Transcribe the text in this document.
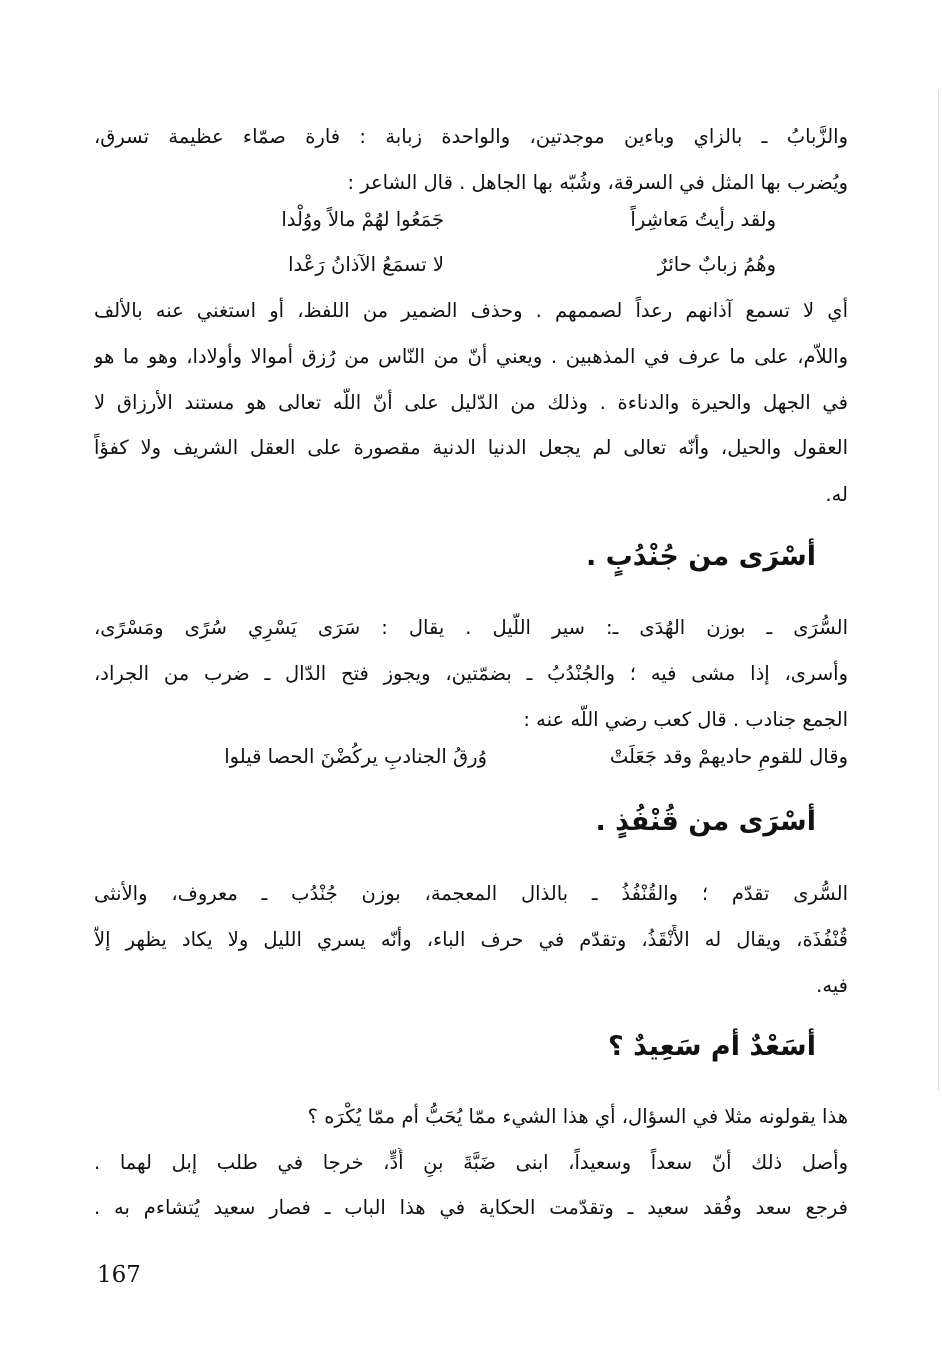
والزَّبابُ ـ بالزاي وباءين موجدتين، والواحدة زبابة : فارة صمّاء عظيمة تسرق،
ويُضرب بها المثل في السرقة، وشُبّه بها الجاهل . قال الشاعر :
ولقد رأيتُ مَعاشِراً
جَمَعُوا لهُمْ مالاً ووُلْدا
وهُمُ زبابٌ حائرٌ
لا تسمَعُ الآذانُ رَعْدا
أي لا تسمع آذانهم رعداً لصممهم . وحذف الضمير من اللفظ، أو استغني عنه بالألف
واللاّم، على ما عرف في المذهبين . ويعني أنّ من النّاس من رُزق أموالا وأولادا، وهو ما هو
في الجهل والحيرة والدناءة . وذلك من الدّليل على أنّ اللّه تعالى هو مستند الأرزاق لا
العقول والحيل، وأنّه تعالى لم يجعل الدنيا الدنية مقصورة على العقل الشريف ولا كفؤاً
له.
أسْرَى من جُنْدُبٍ .
السُّرَى ـ بوزن الهُدَى ـ: سير اللّيل . يقال : سَرَى يَسْرِي سُرًى ومَسْرًى،
وأسرى، إذا مشى فيه ؛ والجُنْدُبُ ـ بضمّتين، ويجوز فتح الدّال ـ ضرب من الجراد،
الجمع جنادب . قال كعب رضي اللّه عنه :
وقال للقومِ حاديهمْ وقد جَعَلَتْ
وُرقُ الجنادبِ يركُضْنَ الحصا قيلوا
أسْرَى من قُنْفُذٍ .
السُّرى تقدّم ؛ والقُنْفُذُ ـ بالذال المعجمة، بوزن جُنْدُب ـ معروف، والأنثى
قُنْفُذَة، ويقال له الأَنْقَذُ، وتقدّم في حرف الباء، وأنّه يسري الليل ولا يكاد يظهر إلاّ
فيه.
أسَعْدٌ أم سَعِيدٌ ؟
هذا يقولونه مثلا في السؤال، أي هذا الشيء ممّا يُحَبُّ أم ممّا يُكْرَه ؟
وأصل ذلك أنّ سعداً وسعيداً، ابنى ضَبَّةَ بنِ أُدٍّ، خرجا في طلب إبل لهما .
فرجع سعد وفُقد سعيد ـ وتقدّمت الحكاية في هذا الباب ـ فصار سعيد يُتشاءم به .
167
